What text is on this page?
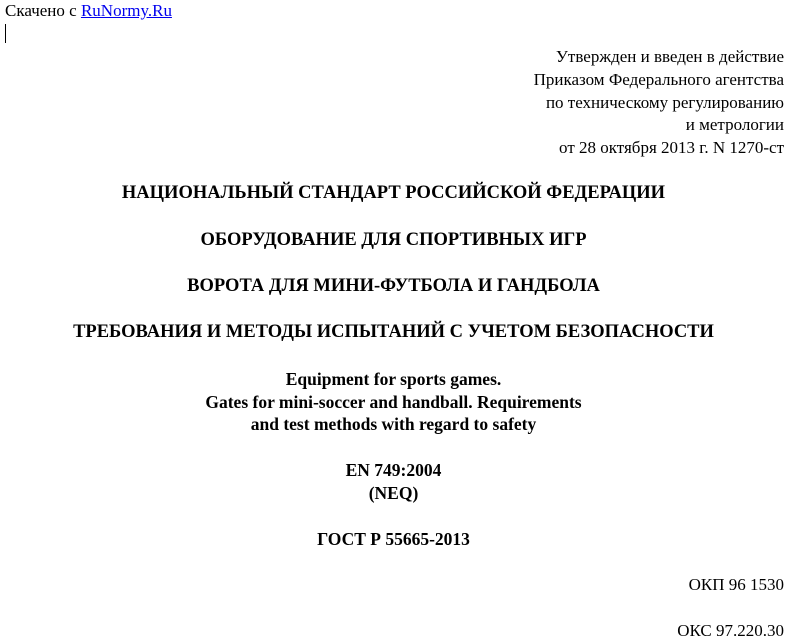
Скачено с RuNormy.Ru
Утвержден и введен в действие
Приказом Федерального агентства
по техническому регулированию
и метрологии
от 28 октября 2013 г. N 1270-ст
НАЦИОНАЛЬНЫЙ СТАНДАРТ РОССИЙСКОЙ ФЕДЕРАЦИИ
ОБОРУДОВАНИЕ ДЛЯ СПОРТИВНЫХ ИГР
ВОРОТА ДЛЯ МИНИ-ФУТБОЛА И ГАНДБОЛА
ТРЕБОВАНИЯ И МЕТОДЫ ИСПЫТАНИЙ С УЧЕТОМ БЕЗОПАСНОСТИ
Equipment for sports games.
Gates for mini-soccer and handball. Requirements
and test methods with regard to safety
EN 749:2004
(NEQ)
ГОСТ Р 55665-2013
ОКП 96 1530
ОКС 97.220.30
